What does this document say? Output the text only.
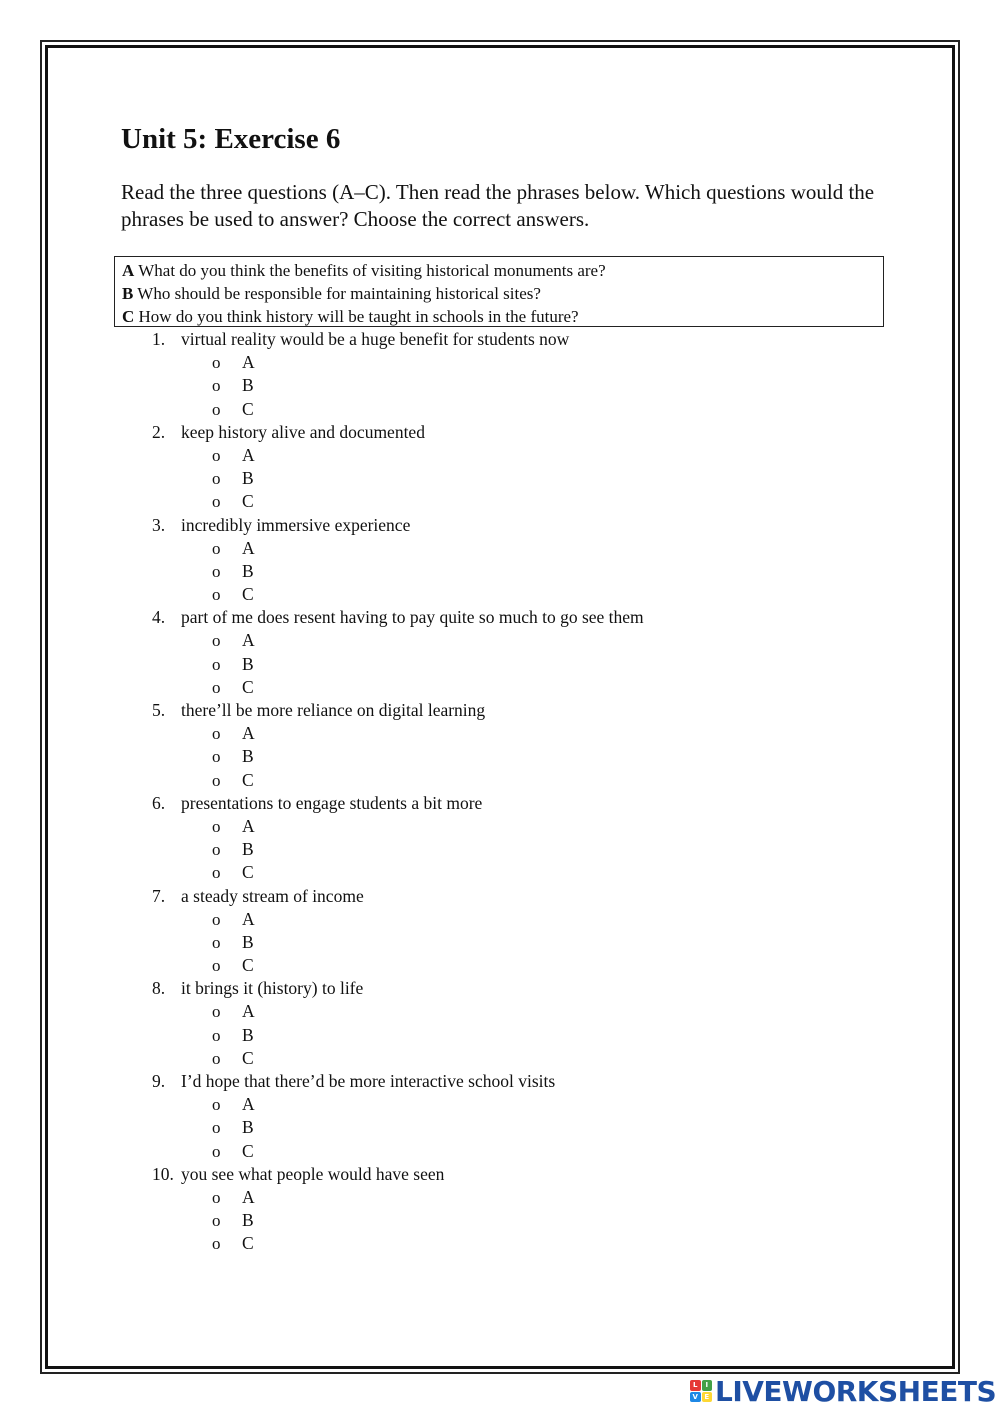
Unit 5: Exercise 6

Read the three questions (A–C). Then read the phrases below. Which questions would the phrases be used to answer? Choose the correct answers.

A What do you think the benefits of visiting historical monuments are?
B Who should be responsible for maintaining historical sites?
C How do you think history will be taught in schools in the future?
1. virtual reality would be a huge benefit for students now
o	A
o	B
o	C
2. keep history alive and documented
o	A
o	B
o	C
3. incredibly immersive experience
o	A
o	B
o	C
4. part of me does resent having to pay quite so much to go see them
o	A
o	B
o	C
5. there’ll be more reliance on digital learning
o	A
o	B
o	C
6. presentations to engage students a bit more
o	A
o	B
o	C
7. a steady stream of income
o	A
o	B
o	C
8. it brings it (history) to life
o	A
o	B
o	C
9. I’d hope that there’d be more interactive school visits
o	A
o	B
o	C
10. you see what people would have seen
o	A
o	B
o	C
L	I
V E LIVEWORKSHEETS
